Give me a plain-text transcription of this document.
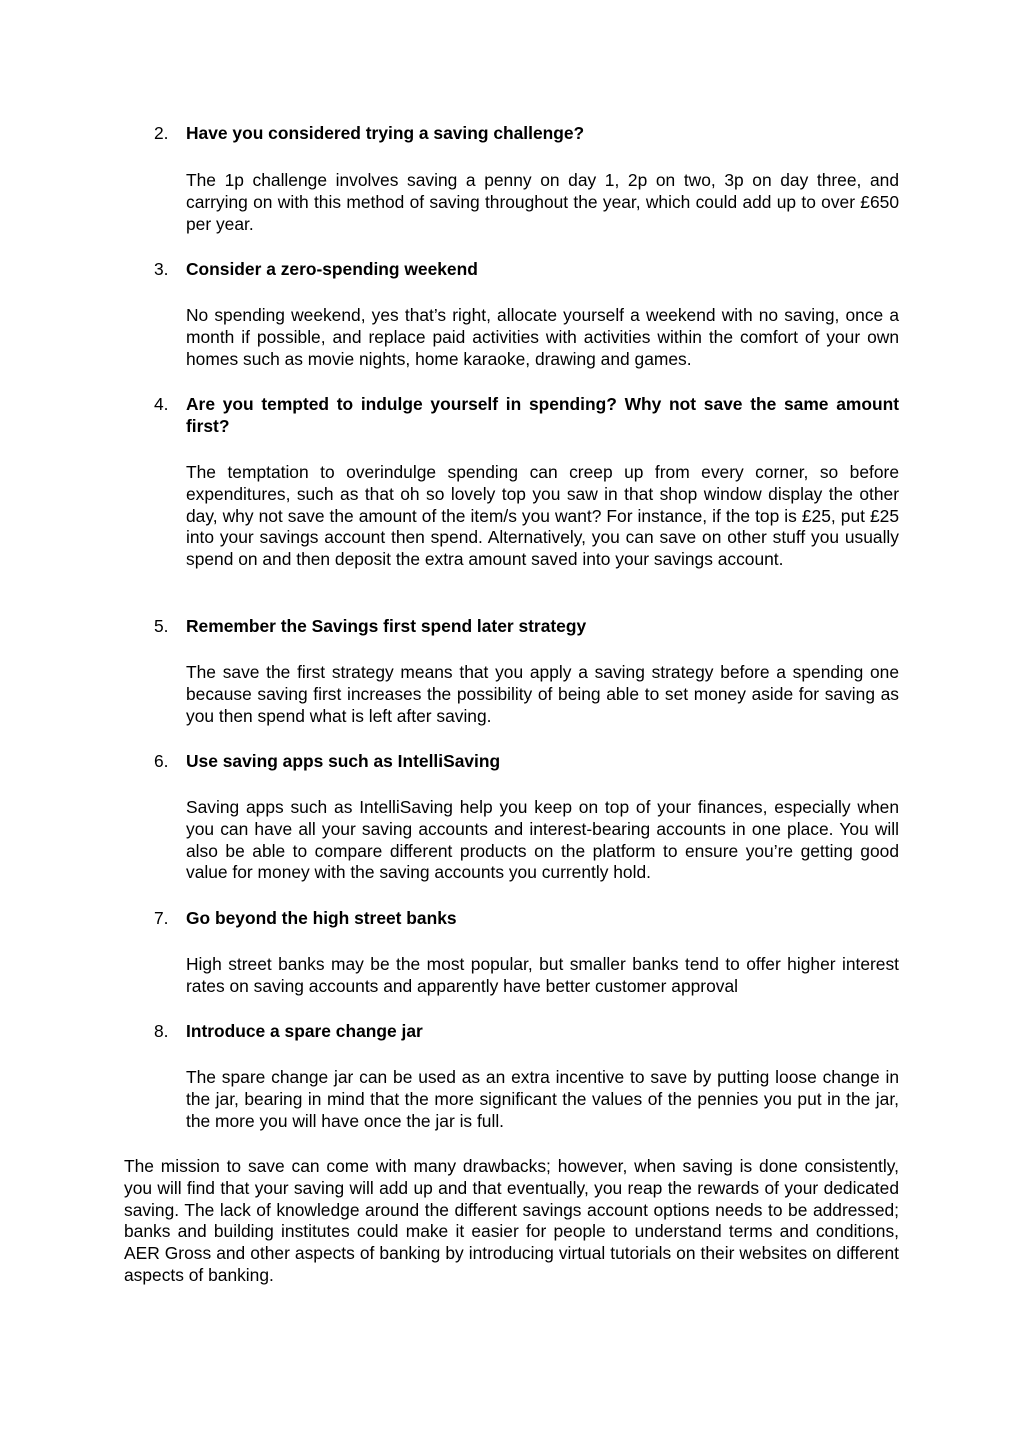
2.	Have you considered trying a saving challenge?
The 1p challenge involves saving a penny on day 1, 2p on two, 3p on day three, and carrying on with this method of saving throughout the year, which could add up to over £650 per year.
3.	Consider a zero-spending weekend
No spending weekend, yes that’s right, allocate yourself a weekend with no saving, once a month if possible, and replace paid activities with activities within the comfort of your own homes such as movie nights, home karaoke, drawing and games.
4.	Are you tempted to indulge yourself in spending? Why not save the same amount first?
The temptation to overindulge spending can creep up from every corner, so before expenditures, such as that oh so lovely top you saw in that shop window display the other day, why not save the amount of the item/s you want? For instance, if the top is £25, put £25 into your savings account then spend. Alternatively, you can save on other stuff you usually spend on and then deposit the extra amount saved into your savings account.
5.	Remember the Savings first spend later strategy
The save the first strategy means that you apply a saving strategy before a spending one because saving first increases the possibility of being able to set money aside for saving as you then spend what is left after saving.
6.	Use saving apps such as IntelliSaving
Saving apps such as IntelliSaving help you keep on top of your finances, especially when you can have all your saving accounts and interest-bearing accounts in one place. You will also be able to compare different products on the platform to ensure you’re getting good value for money with the saving accounts you currently hold.
7.	Go beyond the high street banks
High street banks may be the most popular, but smaller banks tend to offer higher interest rates on saving accounts and apparently have better customer approval
8.	Introduce a spare change jar
The spare change jar can be used as an extra incentive to save by putting loose change in the jar, bearing in mind that the more significant the values of the pennies you put in the jar, the more you will have once the jar is full.
The mission to save can come with many drawbacks; however, when saving is done consistently, you will find that your saving will add up and that eventually, you reap the rewards of your dedicated saving. The lack of knowledge around the different savings account options needs to be addressed; banks and building institutes could make it easier for people to understand terms and conditions, AER Gross and other aspects of banking by introducing virtual tutorials on their websites on different aspects of banking.
